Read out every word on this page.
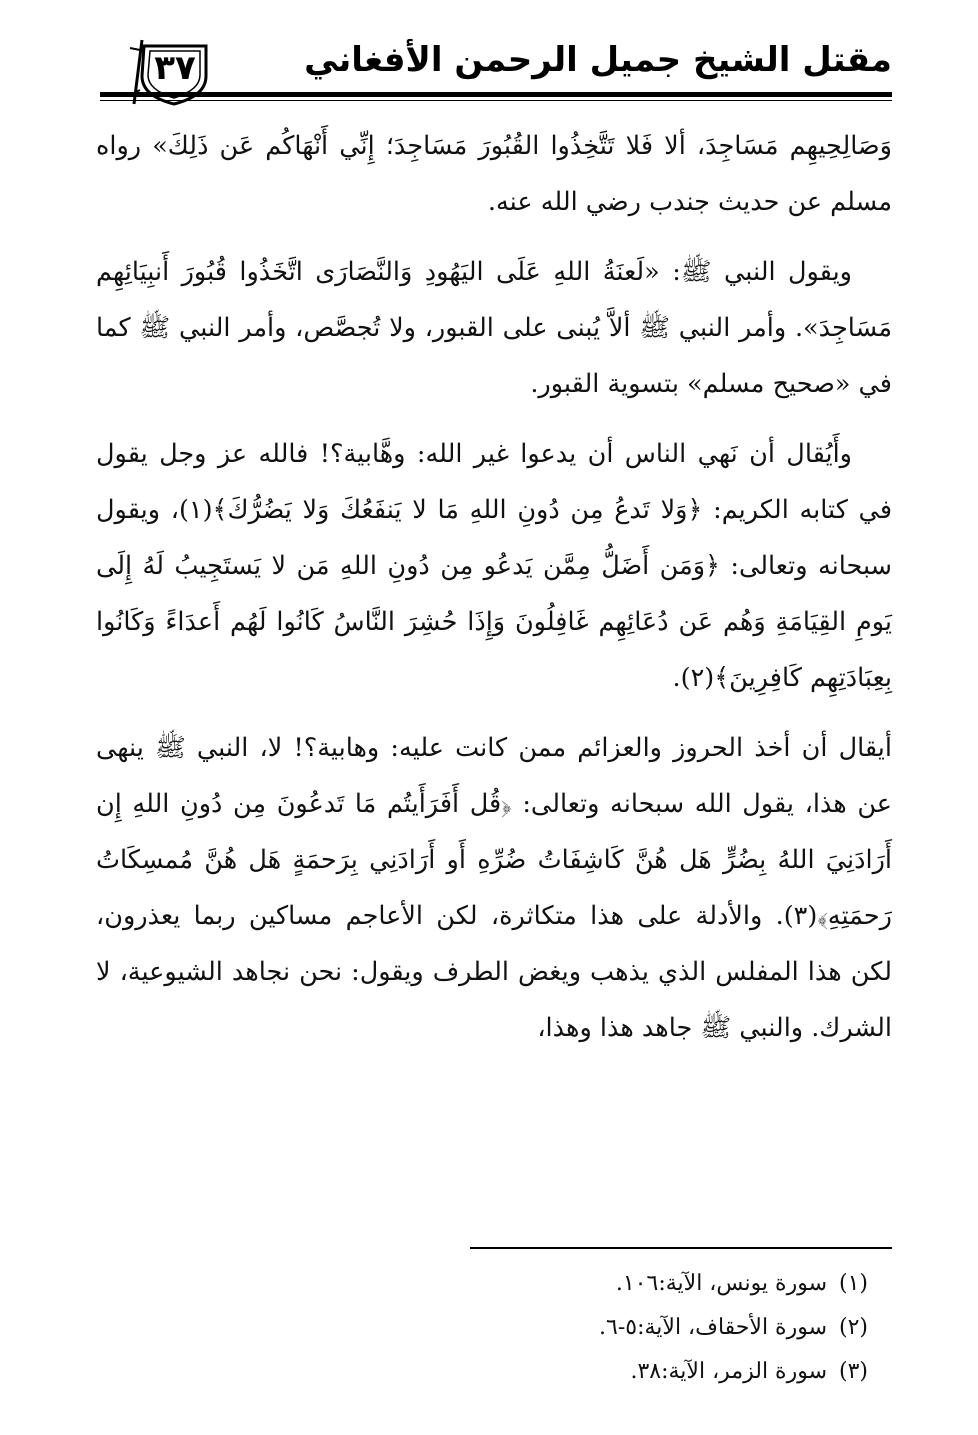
مقتل الشيخ جميل الرحمن الأفغاني
٣٧

وَصَالِحِيهِم مَسَاجِدَ، ألا فَلا تَتَّخِذُوا القُبُورَ مَسَاجِدَ؛ إِنِّي أَنْهَاكُم عَن ذَلِكَ» رواه مسلم عن حديث جندب رضي الله عنه.

ويقول النبي ﷺ: «لَعنَةُ اللهِ عَلَى اليَهُودِ وَالنَّصَارَى اتَّخَذُوا قُبُورَ أَنبِيَائِهِم مَسَاجِدَ». وأمر النبي ﷺ ألاَّ يُبنى على القبور، ولا تُجصَّص، وأمر النبي ﷺ كما في «صحيح مسلم» بتسوية القبور.

وأَيُقال أن نَهي الناس أن يدعوا غير الله: وهَّابية؟! فالله عز وجل يقول في كتابه الكريم: ﴿وَلا تَدعُ مِن دُونِ اللهِ مَا لا يَنفَعُكَ وَلا يَضُرُّكَ﴾(١)، ويقول سبحانه وتعالى: ﴿وَمَن أَضَلُّ مِمَّن يَدعُو مِن دُونِ اللهِ مَن لا يَستَجِيبُ لَهُ إِلَى يَومِ القِيَامَةِ وَهُم عَن دُعَائِهِم غَافِلُونَ وَإِذَا حُشِرَ النَّاسُ كَانُوا لَهُم أَعدَاءً وَكَانُوا بِعِبَادَتِهِم كَافِرِينَ﴾(٢).

أيقال أن أخذ الحروز والعزائم ممن كانت عليه: وهابية؟! لا، النبي ﷺ ينهى عن هذا، يقول الله سبحانه وتعالى: ﴿قُل أَفَرَأَيتُم مَا تَدعُونَ مِن دُونِ اللهِ إِن أَرَادَنِيَ اللهُ بِضُرٍّ هَل هُنَّ كَاشِفَاتُ ضُرِّهِ أَو أَرَادَنِي بِرَحمَةٍ هَل هُنَّ مُمسِكَاتُ رَحمَتِهِ﴾(٣). والأدلة على هذا متكاثرة، لكن الأعاجم مساكين ربما يعذرون، لكن هذا المفلس الذي يذهب ويغض الطرف ويقول: نحن نجاهد الشيوعية، لا الشرك. والنبي ﷺ جاهد هذا وهذا،

(١) سورة يونس، الآية:١٠٦.
(٢) سورة الأحقاف، الآية:٥-٦.
(٣) سورة الزمر، الآية:٣٨.
